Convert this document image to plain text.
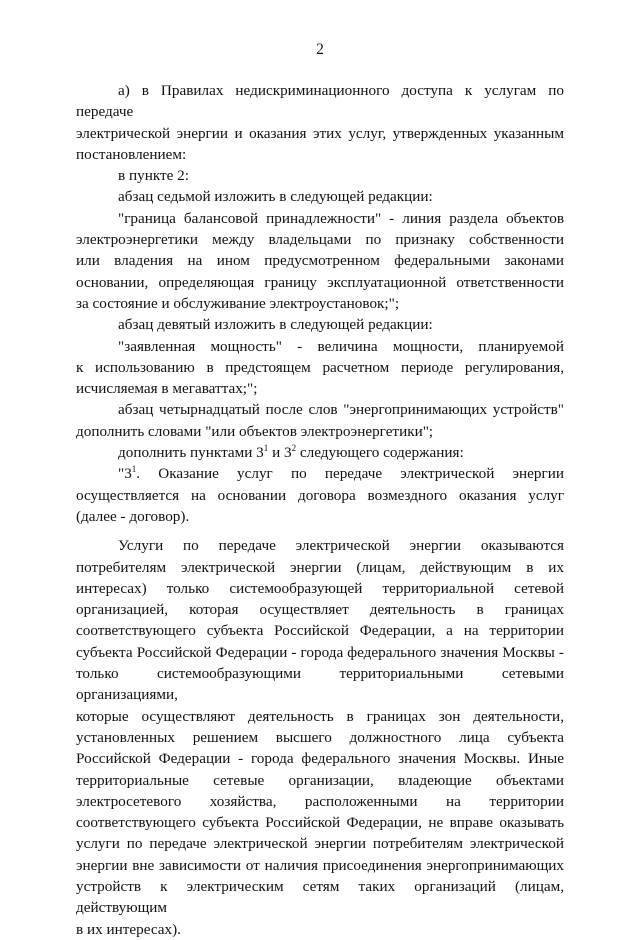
2
а) в Правилах недискриминационного доступа к услугам по передаче
электрической энергии и оказания этих услуг, утвержденных указанным
постановлением:
в пункте 2:
абзац седьмой изложить в следующей редакции:
"граница балансовой принадлежности" - линия раздела объектов
электроэнергетики между владельцами по признаку собственности
или владения на ином предусмотренном федеральными законами
основании, определяющая границу эксплуатационной ответственности
за состояние и обслуживание электроустановок;";
абзац девятый изложить в следующей редакции:
"заявленная мощность" - величина мощности, планируемой
к использованию в предстоящем расчетном периоде регулирования,
исчисляемая в мегаваттах;";
абзац четырнадцатый после слов "энергопринимающих устройств"
дополнить словами "или объектов электроэнергетики";
дополнить пунктами $3^1$ и $3^2$ следующего содержания:
"$3^1$. Оказание услуг по передаче электрической энергии
осуществляется на основании договора возмездного оказания услуг
(далее - договор).
Услуги по передаче электрической энергии оказываются
потребителям электрической энергии (лицам, действующим в их
интересах) только системообразующей территориальной сетевой
организацией, которая осуществляет деятельность в границах
соответствующего субъекта Российской Федерации, а на территории
субъекта Российской Федерации - города федерального значения Москвы -
только системообразующими территориальными сетевыми организациями,
которые осуществляют деятельность в границах зон деятельности,
установленных решением высшего должностного лица субъекта
Российской Федерации - города федерального значения Москвы. Иные
территориальные сетевые организации, владеющие объектами
электросетевого хозяйства, расположенными на территории
соответствующего субъекта Российской Федерации, не вправе оказывать
услуги по передаче электрической энергии потребителям электрической
энергии вне зависимости от наличия присоединения энергопринимающих
устройств к электрическим сетям таких организаций (лицам, действующим
в их интересах).
